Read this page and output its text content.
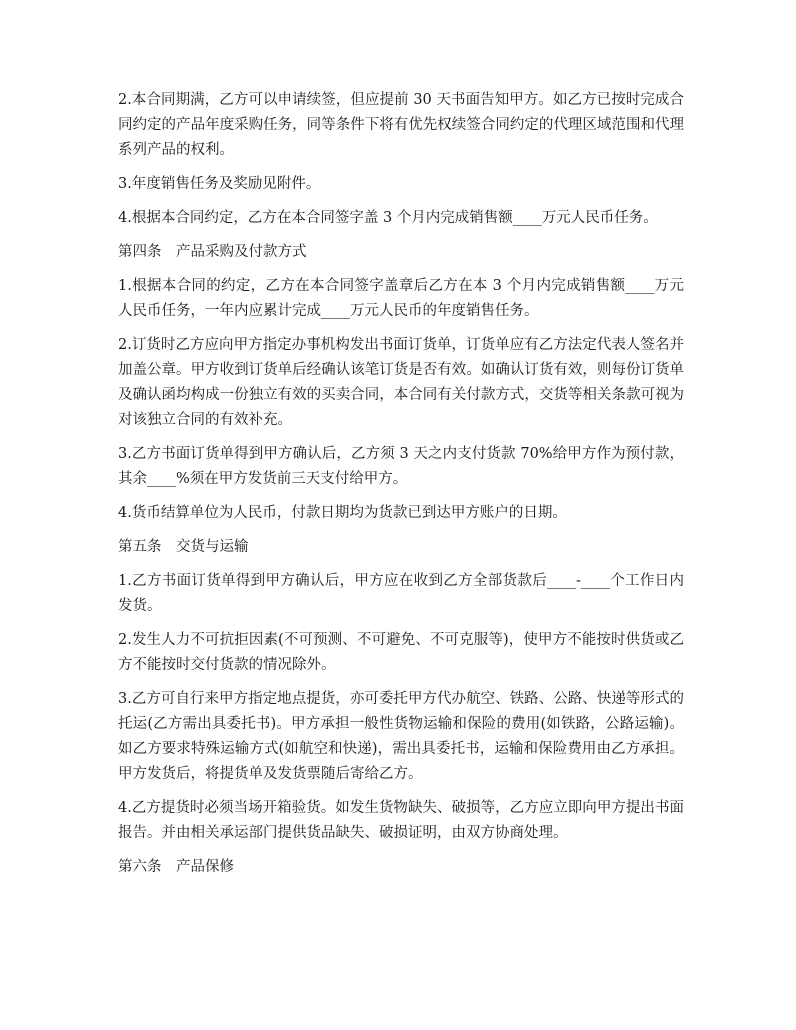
2.本合同期满，乙方可以申请续签，但应提前 30 天书面告知甲方。如乙方已按时完成合同约定的产品年度采购任务，同等条件下将有优先权续签合同约定的代理区域范围和代理系列产品的权利。

3.年度销售任务及奖励见附件。

4.根据本合同约定，乙方在本合同签字盖 3 个月内完成销售额____万元人民币任务。

第四条　产品采购及付款方式

1.根据本合同的约定，乙方在本合同签字盖章后乙方在本 3 个月内完成销售额____万元人民币任务，一年内应累计完成____万元人民币的年度销售任务。

2.订货时乙方应向甲方指定办事机构发出书面订货单，订货单应有乙方法定代表人签名并加盖公章。甲方收到订货单后经确认该笔订货是否有效。如确认订货有效，则每份订货单及确认函均构成一份独立有效的买卖合同，本合同有关付款方式，交货等相关条款可视为对该独立合同的有效补充。

3.乙方书面订货单得到甲方确认后，乙方须 3 天之内支付货款 70%给甲方作为预付款，其余____%须在甲方发货前三天支付给甲方。

4.货币结算单位为人民币，付款日期均为货款已到达甲方账户的日期。

第五条　交货与运输

1.乙方书面订货单得到甲方确认后，甲方应在收到乙方全部货款后____-____个工作日内发货。

2.发生人力不可抗拒因素(不可预测、不可避免、不可克服等)，使甲方不能按时供货或乙方不能按时交付货款的情况除外。

3.乙方可自行来甲方指定地点提货，亦可委托甲方代办航空、铁路、公路、快递等形式的托运(乙方需出具委托书)。甲方承担一般性货物运输和保险的费用(如铁路，公路运输)。如乙方要求特殊运输方式(如航空和快递)，需出具委托书，运输和保险费用由乙方承担。甲方发货后，将提货单及发货票随后寄给乙方。

4.乙方提货时必须当场开箱验货。如发生货物缺失、破损等，乙方应立即向甲方提出书面报告。并由相关承运部门提供货品缺失、破损证明，由双方协商处理。

第六条　产品保修
